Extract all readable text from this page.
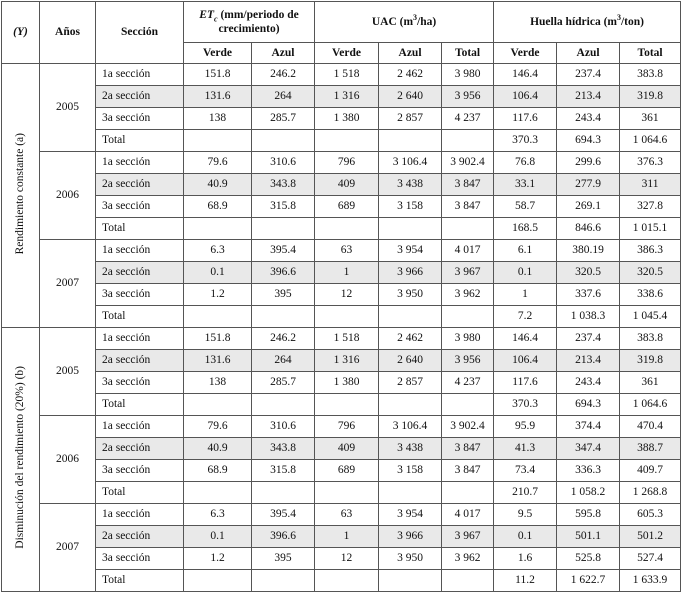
(Y)	Años	Sección	$ET_c$ (mm/periodo de crecimiento)		UAC $(m^3/ha)$			Huella hídrica $(m^3/ton)$		
			Verde	Azul	Verde	Azul	Total	Verde	Azul	Total
Rendimiento constante (a)	2005	1a sección	151.8	246.2	1 518	2 462	3 980	146.4	237.4	383.8
		2a sección	131.6	264	1 316	2 640	3 956	106.4	213.4	319.8
		3a sección	138	285.7	1 380	2 857	4 237	117.6	243.4	361
		Total						370.3	694.3	1 064.6
	2006	1a sección	79.6	310.6	796	3 106.4	3 902.4	76.8	299.6	376.3
		2a sección	40.9	343.8	409	3 438	3 847	33.1	277.9	311
		3a sección	68.9	315.8	689	3 158	3 847	58.7	269.1	327.8
		Total						168.5	846.6	1 015.1
	2007	1a sección	6.3	395.4	63	3 954	4 017	6.1	380.19	386.3
		2a sección	0.1	396.6	1	3 966	3 967	0.1	320.5	320.5
		3a sección	1.2	395	12	3 950	3 962	1	337.6	338.6
		Total						7.2	1 038.3	1 045.4
Disminución del rendimiento (20%) (b)	2005	1a sección	151.8	246.2	1 518	2 462	3 980	146.4	237.4	383.8
		2a sección	131.6	264	1 316	2 640	3 956	106.4	213.4	319.8
		3a sección	138	285.7	1 380	2 857	4 237	117.6	243.4	361
		Total						370.3	694.3	1 064.6
	2006	1a sección	79.6	310.6	796	3 106.4	3 902.4	95.9	374.4	470.4
		2a sección	40.9	343.8	409	3 438	3 847	41.3	347.4	388.7
		3a sección	68.9	315.8	689	3 158	3 847	73.4	336.3	409.7
		Total						210.7	1 058.2	1 268.8
	2007	1a sección	6.3	395.4	63	3 954	4 017	9.5	595.8	605.3
		2a sección	0.1	396.6	1	3 966	3 967	0.1	501.1	501.2
		3a sección	1.2	395	12	3 950	3 962	1.6	525.8	527.4
		Total						11.2	1 622.7	1 633.9
